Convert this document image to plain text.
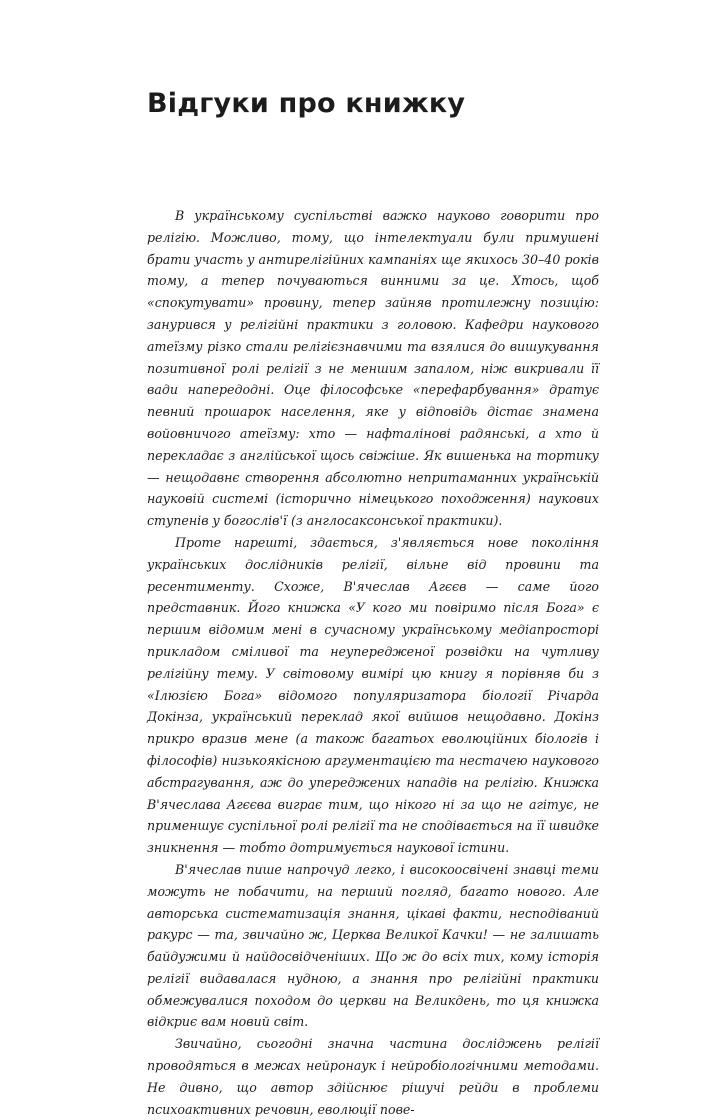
Відгуки про книжку

В українському суспільстві важко науково говорити про релігію. Можливо, тому, що інтелектуали були примушені брати участь у антирелігійних кампаніях ще якихось 30–40 років тому, а тепер почуваються винними за це. Хтось, щоб «спокутувати» провину, тепер зайняв протилежну позицію: занурився у релігійні практики з головою. Кафедри наукового атеїзму різко стали релігієзнавчими та взялися до вишукування позитивної ролі релігії з не меншим запалом, ніж викривали її вади напередодні. Оце філософське «перефарбування» дратує певний прошарок населення, яке у відповідь дістає знамена войовничого атеїзму: хто — нафталінові радянські, а хто й перекладає з англійської щось свіжіше. Як вишенька на тортику — нещодавнє створення абсолютно непритаманних українській науковій системі (історично німецького походження) наукових ступенів у богослів'ї (з англосаксонської практики).

Проте нарешті, здається, з'являється нове покоління українських дослідників релігії, вільне від провини та ресентименту. Схоже, В'ячеслав Агєєв — саме його представник. Його книжка «У кого ми повіримо після Бога» є першим відомим мені в сучасному українському медіапросторі прикладом сміливої та неупередженої розвідки на чутливу релігійну тему. У світовому вимірі цю книгу я порівняв би з «Ілюзією Бога» відомого популяризатора біології Річарда Докінза, український переклад якої вийшов нещодавно. Докінз прикро вразив мене (а також багатьох еволюційних біологів і філософів) низькоякісною аргументацією та нестачею наукового абстрагування, аж до упереджених нападів на релігію. Книжка В'ячеслава Агєєва виграє тим, що нікого ні за що не агітує, не применшує суспільної ролі релігії та не сподівається на її швидке зникнення — тобто дотримується наукової істини.

В'ячеслав пише напрочуд легко, і високоосвічені знавці теми можуть не побачити, на перший погляд, багато нового. Але авторська систематизація знання, цікаві факти, несподіваний ракурс — та, звичайно ж, Церква Великої Качки! — не залишать байдужими й найдосвідченіших. Що ж до всіх тих, кому історія релігії видавалася нудною, а знання про релігійні практики обмежувалися походом до церкви на Великдень, то ця книжка відкриє вам новий світ.

Звичайно, сьогодні значна частина досліджень релігії проводяться в межах нейронаук і нейробіологічними методами. Не дивно, що автор здійснює рішучі рейди в проблеми психоактивних речовин, еволюції пове-
